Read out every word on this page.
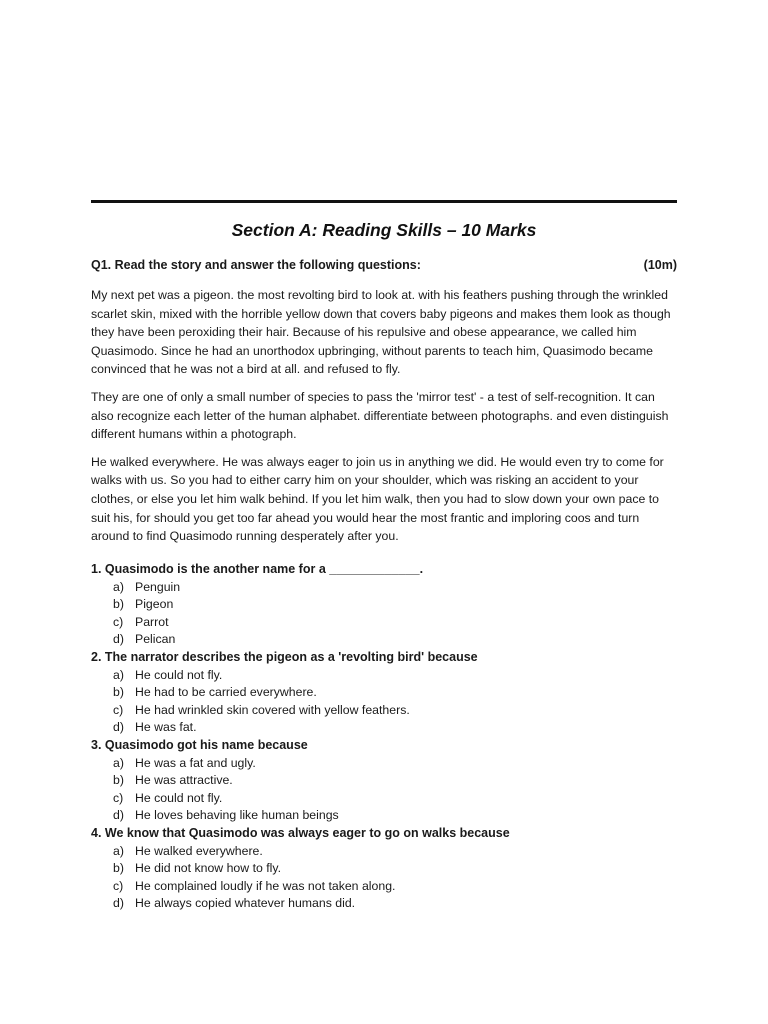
Section A: Reading Skills – 10 Marks
Q1. Read the story and answer the following questions:	(10m)

My next pet was a pigeon. the most revolting bird to look at. with his feathers pushing through the wrinkled scarlet skin, mixed with the horrible yellow down that covers baby pigeons and makes them look as though they have been peroxiding their hair. Because of his repulsive and obese appearance, we called him Quasimodo. Since he had an unorthodox upbringing, without parents to teach him, Quasimodo became convinced that he was not a bird at all. and refused to fly.

They are one of only a small number of species to pass the 'mirror test' - a test of self-recognition. It can also recognize each letter of the human alphabet. differentiate between photographs. and even distinguish different humans within a photograph.

He walked everywhere. He was always eager to join us in anything we did. He would even try to come for walks with us. So you had to either carry him on your shoulder, which was risking an accident to your clothes, or else you let him walk behind. If you let him walk, then you had to slow down your own pace to suit his, for should you get too far ahead you would hear the most frantic and imploring coos and turn around to find Quasimodo running desperately after you.

1. Quasimodo is the another name for a _____________.
a) Penguin
b) Pigeon
c) Parrot
d) Pelican
2. The narrator describes the pigeon as a 'revolting bird' because
a) He could not fly.
b) He had to be carried everywhere.
c) He had wrinkled skin covered with yellow feathers.
d) He was fat.
3. Quasimodo got his name because
a) He was a fat and ugly.
b) He was attractive.
c) He could not fly.
d) He loves behaving like human beings
4. We know that Quasimodo was always eager to go on walks because
a) He walked everywhere.
b) He did not know how to fly.
c) He complained loudly if he was not taken along.
d) He always copied whatever humans did.
